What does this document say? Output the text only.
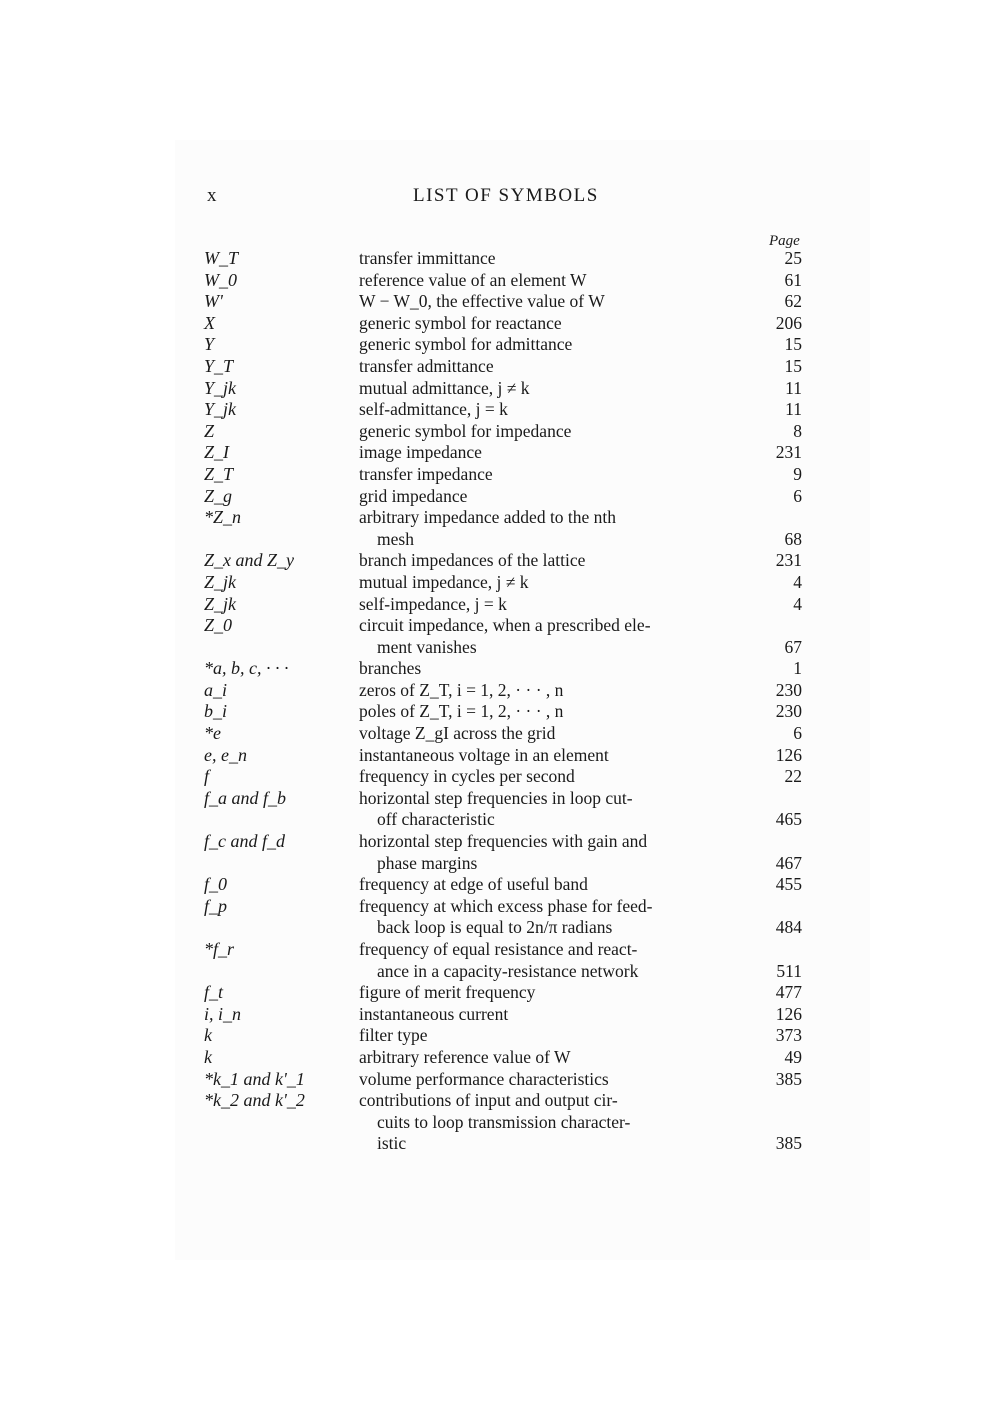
x	LIST OF SYMBOLS
Page
W_T	transfer immittance	25
W_0	reference value of an element W	61
W'	W − W_0, the effective value of W	62
X	generic symbol for reactance	206
Y	generic symbol for admittance	15
Y_T	transfer admittance	15
Y_jk	mutual admittance, j ≠ k	11
Y_jk	self-admittance, j = k	11
Z	generic symbol for impedance	8
Z_I	image impedance	231
Z_T	transfer impedance	9
Z_g	grid impedance	6
*Z_n	arbitrary impedance added to the nth
mesh	68
Z_x and Z_y	branch impedances of the lattice	231
Z_jk	mutual impedance, j ≠ k	4
Z_jk	self-impedance, j = k	4
Z_0	circuit impedance, when a prescribed ele-
ment vanishes	67
*a, b, c, · · ·	branches	1
a_i	zeros of Z_T, i = 1, 2, · · · , n	230
b_i	poles of Z_T, i = 1, 2, · · · , n	230
*e	voltage Z_gI across the grid	6
e, e_n	instantaneous voltage in an element	126
f	frequency in cycles per second	22
f_a and f_b	horizontal step frequencies in loop cut-
off characteristic	465
f_c and f_d	horizontal step frequencies with gain and
phase margins	467
f_0	frequency at edge of useful band	455
f_p	frequency at which excess phase for feed-
back loop is equal to 2n/π radians	484
*f_r	frequency of equal resistance and react-
ance in a capacity-resistance network	511
f_t	figure of merit frequency	477
i, i_n	instantaneous current	126
k	filter type	373
k	arbitrary reference value of W	49
*k_1 and k'_1	volume performance characteristics	385
*k_2 and k'_2	contributions of input and output cir-
cuits to loop transmission character-
istic	385
